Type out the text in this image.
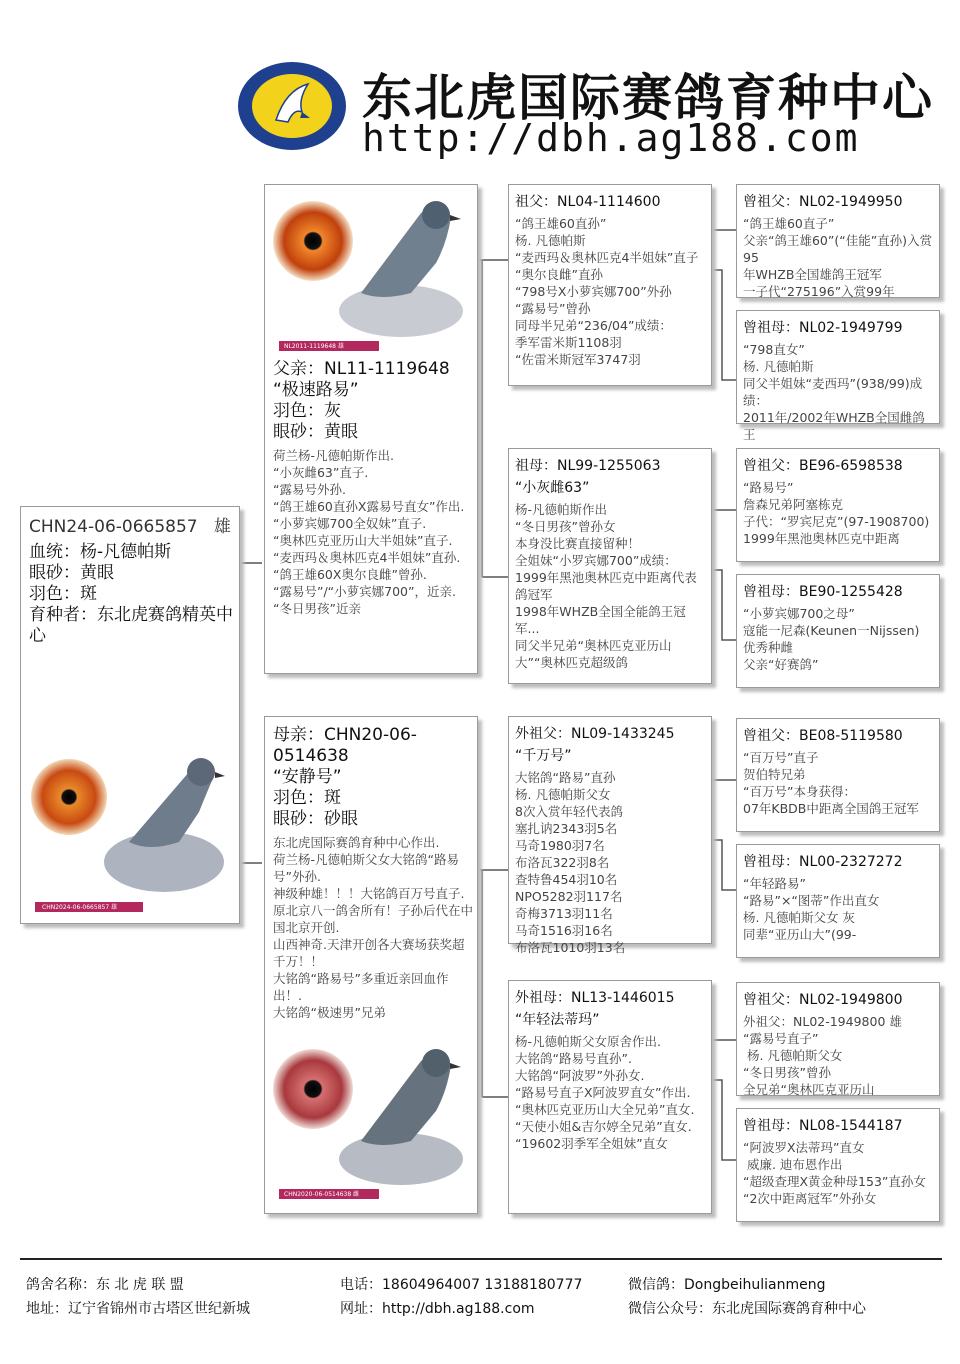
东北虎国际赛鸽育种中心
http://dbh.ag188.com
CHN24-06-0665857 雄
血统：杨-凡德帕斯
眼砂：黄眼
羽色：斑
育种者：东北虎赛鸽精英中心
CHN2024-06-0665857 雄
NL2011-1119648 雄
父亲：NL11-1119648
“极速路易”
羽色：灰
眼砂：黄眼
荷兰杨-凡德帕斯作出.
“小灰雌63”直子.
“露易号外孙.
“鸽王雄60直孙X露易号直女”作出.
“小萝宾娜700全奴妹”直子.
“奥林匹克亚历山大半姐妹”直子.
“麦西玛＆奥林匹克4半姐妹”直孙.
“鸽王雄60X奥尔良雌”曾孙.
“露易号”/“小萝宾娜700”，近亲.
“冬日男孩”近亲
母亲：CHN20-06-0514638
“安静号”
羽色：斑
眼砂：砂眼
东北虎国际赛鸽育种中心作出.
荷兰杨-凡德帕斯父女大铭鸽“路易号”外孙.
神级种雄！！！大铭鸽百万号直子.
原北京八一鸽舍所有！子孙后代在中国北京开创.
山西神奇.天津开创各大赛场获奖超千万！！
大铭鸽“路易号”多重近亲回血作出！.
大铭鸽“极速男”兄弟
CHN2020-06-0514638 雌
祖父：NL04-1114600
“鸽王雄60直孙”
杨. 凡德帕斯
“麦西玛＆奥林匹克4半姐妹”直子
“奥尔良雌”直孙
“798号X小萝宾娜700”外孙
“露易号”曾孙
同母半兄弟“236/04”成绩：
季军雷米斯1108羽
“佐雷米斯冠军3747羽
祖母：NL99-1255063
“小灰雌63”
杨-凡德帕斯作出
“冬日男孩”曾孙女
本身没比赛直接留种！
全姐妹“小罗宾娜700”成绩：
1999年黑池奥林匹克中距离代表鸽冠军
1998年WHZB全国全能鸽王冠军...
同父半兄弟“奥林匹克亚历山大”“奥林匹克超级鸽
外祖父：NL09-1433245
“千万号”
大铭鸽“路易”直孙
杨. 凡德帕斯父女
8次入赏年轻代表鸽
塞扎讷2343羽5名
马奇1980羽7名
布洛瓦322羽8名
查特鲁454羽10名
NPO5282羽117名
奇梅3713羽11名
马奇1516羽16名
布洛瓦1010羽13名
外祖母：NL13-1446015
“年轻法蒂玛”
杨-凡德帕斯父女原舍作出.
大铭鸽“路易号直孙”.
大铭鸽“阿波罗”外孙女.
“路易号直子X阿波罗直女”作出.
“奥林匹克亚历山大全兄弟”直女.
“天使小姐&吉尔婷全兄弟”直女.
“19602羽季军全姐妹”直女
曾祖父：NL02-1949950
“鸽王雄60直子”
父亲“鸽王雄60”(“佳能”直孙)入赏95
年WHZB全国雄鸽王冠军
一子代“275196”入赏99年
曾祖母：NL02-1949799
“798直女”
杨. 凡德帕斯
同父半姐妹“麦西玛”(938/99)成绩：
2011年/2002年WHZB全国雌鸽王
曾祖父：BE96-6598538
“路易号”
詹森兄弟阿塞栋克
子代：“罗宾尼克”(97-1908700)
1999年黑池奥林匹克中距离
曾祖母：BE90-1255428
“小萝宾娜700之母”
寇能一尼森(Keunen一Nijssen)
优秀种雌
父亲“好赛鸽”
曾祖父：BE08-5119580
“百万号”直子
贺伯特兄弟
“百万号”本身获得：
07年KBDB中距离全国鸽王冠军
曾祖母：NL00-2327272
“年轻路易”
“路易”×“图蒂”作出直女
杨. 凡德帕斯父女 灰
同辈“亚历山大”(99-
曾祖父：NL02-1949800
外祖父：NL02-1949800 雄
“露易号直子”
杨. 凡德帕斯父女
“冬日男孩”曾孙
全兄弟“奥林匹克亚历山
曾祖母：NL08-1544187
“阿波罗X法蒂玛”直女
威廉. 迪布恩作出
“超级查理X黄金种母153”直孙女
“2次中距离冠军”外孙女
鸽舍名称：东 北 虎 联 盟	电话：18604964007 13188180777	微信鸽：Dongbeihulianmeng
地址：辽宁省锦州市古塔区世纪新城	网址：http://dbh.ag188.com	微信公众号：东北虎国际赛鸽育种中心
